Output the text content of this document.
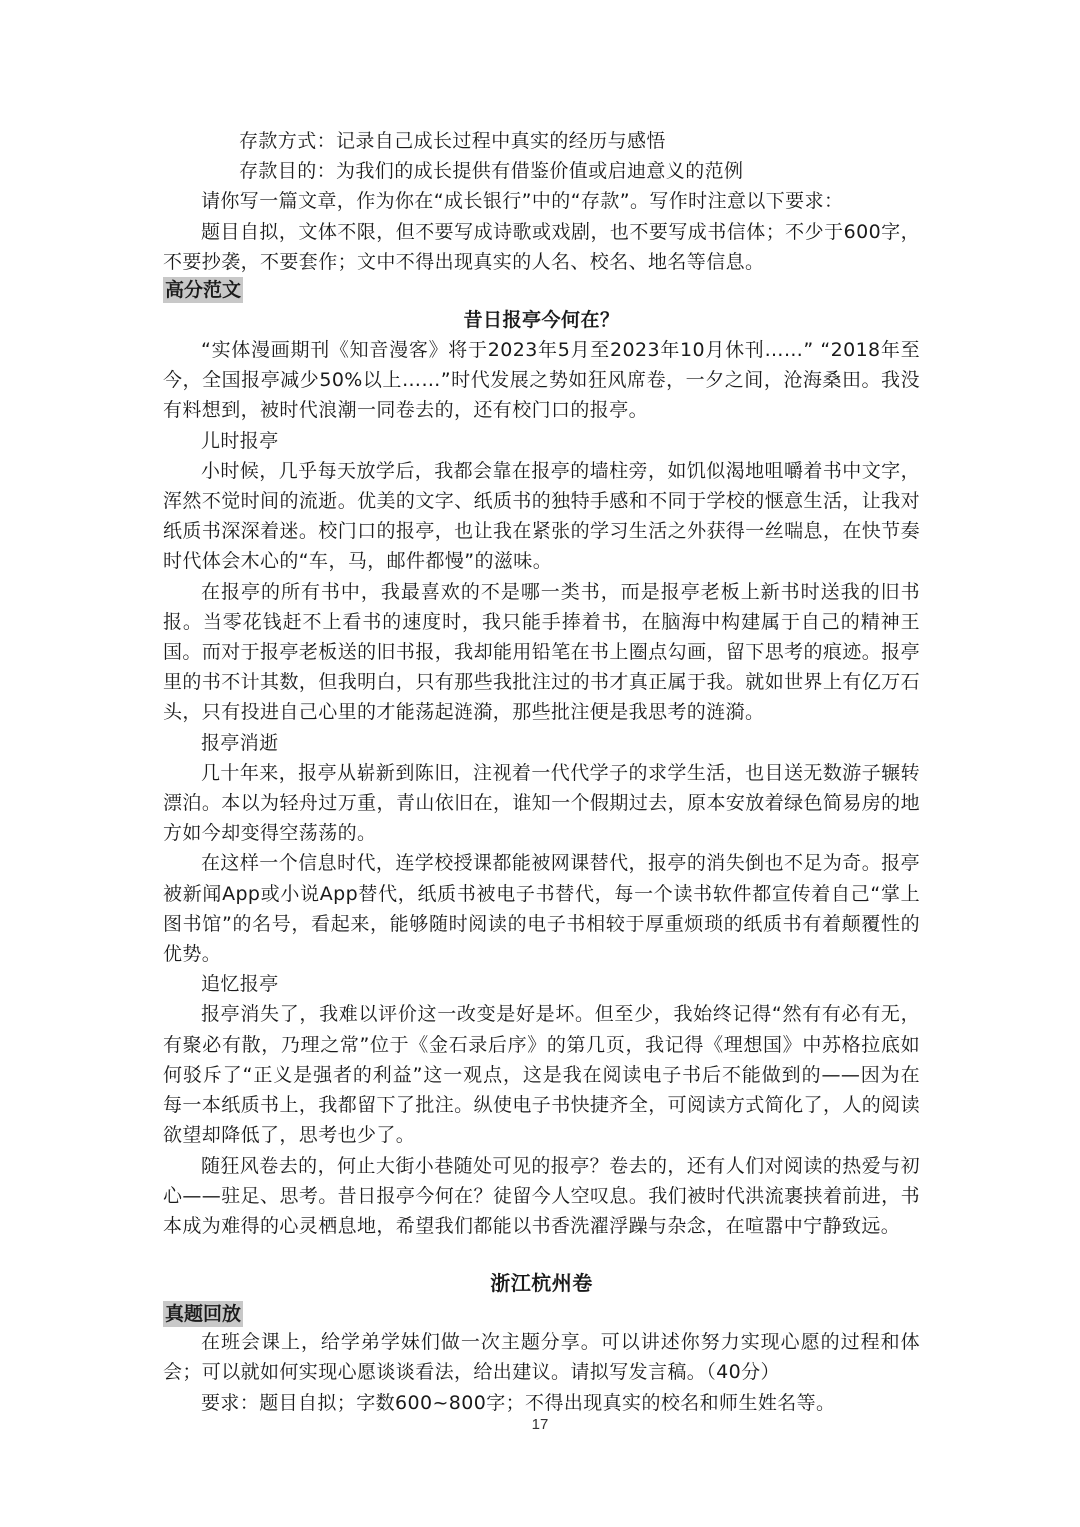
存款方式：记录自己成长过程中真实的经历与感悟

存款目的：为我们的成长提供有借鉴价值或启迪意义的范例

请你写一篇文章，作为你在“成长银行”中的“存款”。写作时注意以下要求：

题目自拟，文体不限，但不要写成诗歌或戏剧，也不要写成书信体；不少于600字，不要抄袭，不要套作；文中不得出现真实的人名、校名、地名等信息。

高分范文

昔日报亭今何在？

“实体漫画期刊《知音漫客》将于2023年5月至2023年10月休刊……” “2018年至今，全国报亭减少50%以上……”时代发展之势如狂风席卷，一夕之间，沧海桑田。我没有料想到，被时代浪潮一同卷去的，还有校门口的报亭。

儿时报亭

小时候，几乎每天放学后，我都会靠在报亭的墙柱旁，如饥似渴地咀嚼着书中文字，浑然不觉时间的流逝。优美的文字、纸质书的独特手感和不同于学校的惬意生活，让我对纸质书深深着迷。校门口的报亭，也让我在紧张的学习生活之外获得一丝喘息，在快节奏时代体会木心的“车，马，邮件都慢”的滋味。

在报亭的所有书中，我最喜欢的不是哪一类书，而是报亭老板上新书时送我的旧书报。当零花钱赶不上看书的速度时，我只能手捧着书，在脑海中构建属于自己的精神王国。而对于报亭老板送的旧书报，我却能用铅笔在书上圈点勾画，留下思考的痕迹。报亭里的书不计其数，但我明白，只有那些我批注过的书才真正属于我。就如世界上有亿万石头，只有投进自己心里的才能荡起涟漪，那些批注便是我思考的涟漪。

报亭消逝

几十年来，报亭从崭新到陈旧，注视着一代代学子的求学生活，也目送无数游子辗转漂泊。本以为轻舟过万重，青山依旧在，谁知一个假期过去，原本安放着绿色简易房的地方如今却变得空荡荡的。

在这样一个信息时代，连学校授课都能被网课替代，报亭的消失倒也不足为奇。报亭被新闻App或小说App替代，纸质书被电子书替代，每一个读书软件都宣传着自己“掌上图书馆”的名号，看起来，能够随时阅读的电子书相较于厚重烦琐的纸质书有着颠覆性的优势。

追忆报亭

报亭消失了，我难以评价这一改变是好是坏。但至少，我始终记得“然有有必有无，有聚必有散，乃理之常”位于《金石录后序》的第几页，我记得《理想国》中苏格拉底如何驳斥了“正义是强者的利益”这一观点，这是我在阅读电子书后不能做到的——因为在每一本纸质书上，我都留下了批注。纵使电子书快捷齐全，可阅读方式简化了，人的阅读欲望却降低了，思考也少了。

随狂风卷去的，何止大街小巷随处可见的报亭？卷去的，还有人们对阅读的热爱与初心——驻足、思考。昔日报亭今何在？徒留今人空叹息。我们被时代洪流裹挟着前进，书本成为难得的心灵栖息地，希望我们都能以书香洗濯浮躁与杂念，在喧嚣中宁静致远。

浙江杭州卷

真题回放

在班会课上，给学弟学妹们做一次主题分享。可以讲述你努力实现心愿的过程和体会；可以就如何实现心愿谈谈看法，给出建议。请拟写发言稿。（40分）

要求：题目自拟；字数600~800字；不得出现真实的校名和师生姓名等。

17
